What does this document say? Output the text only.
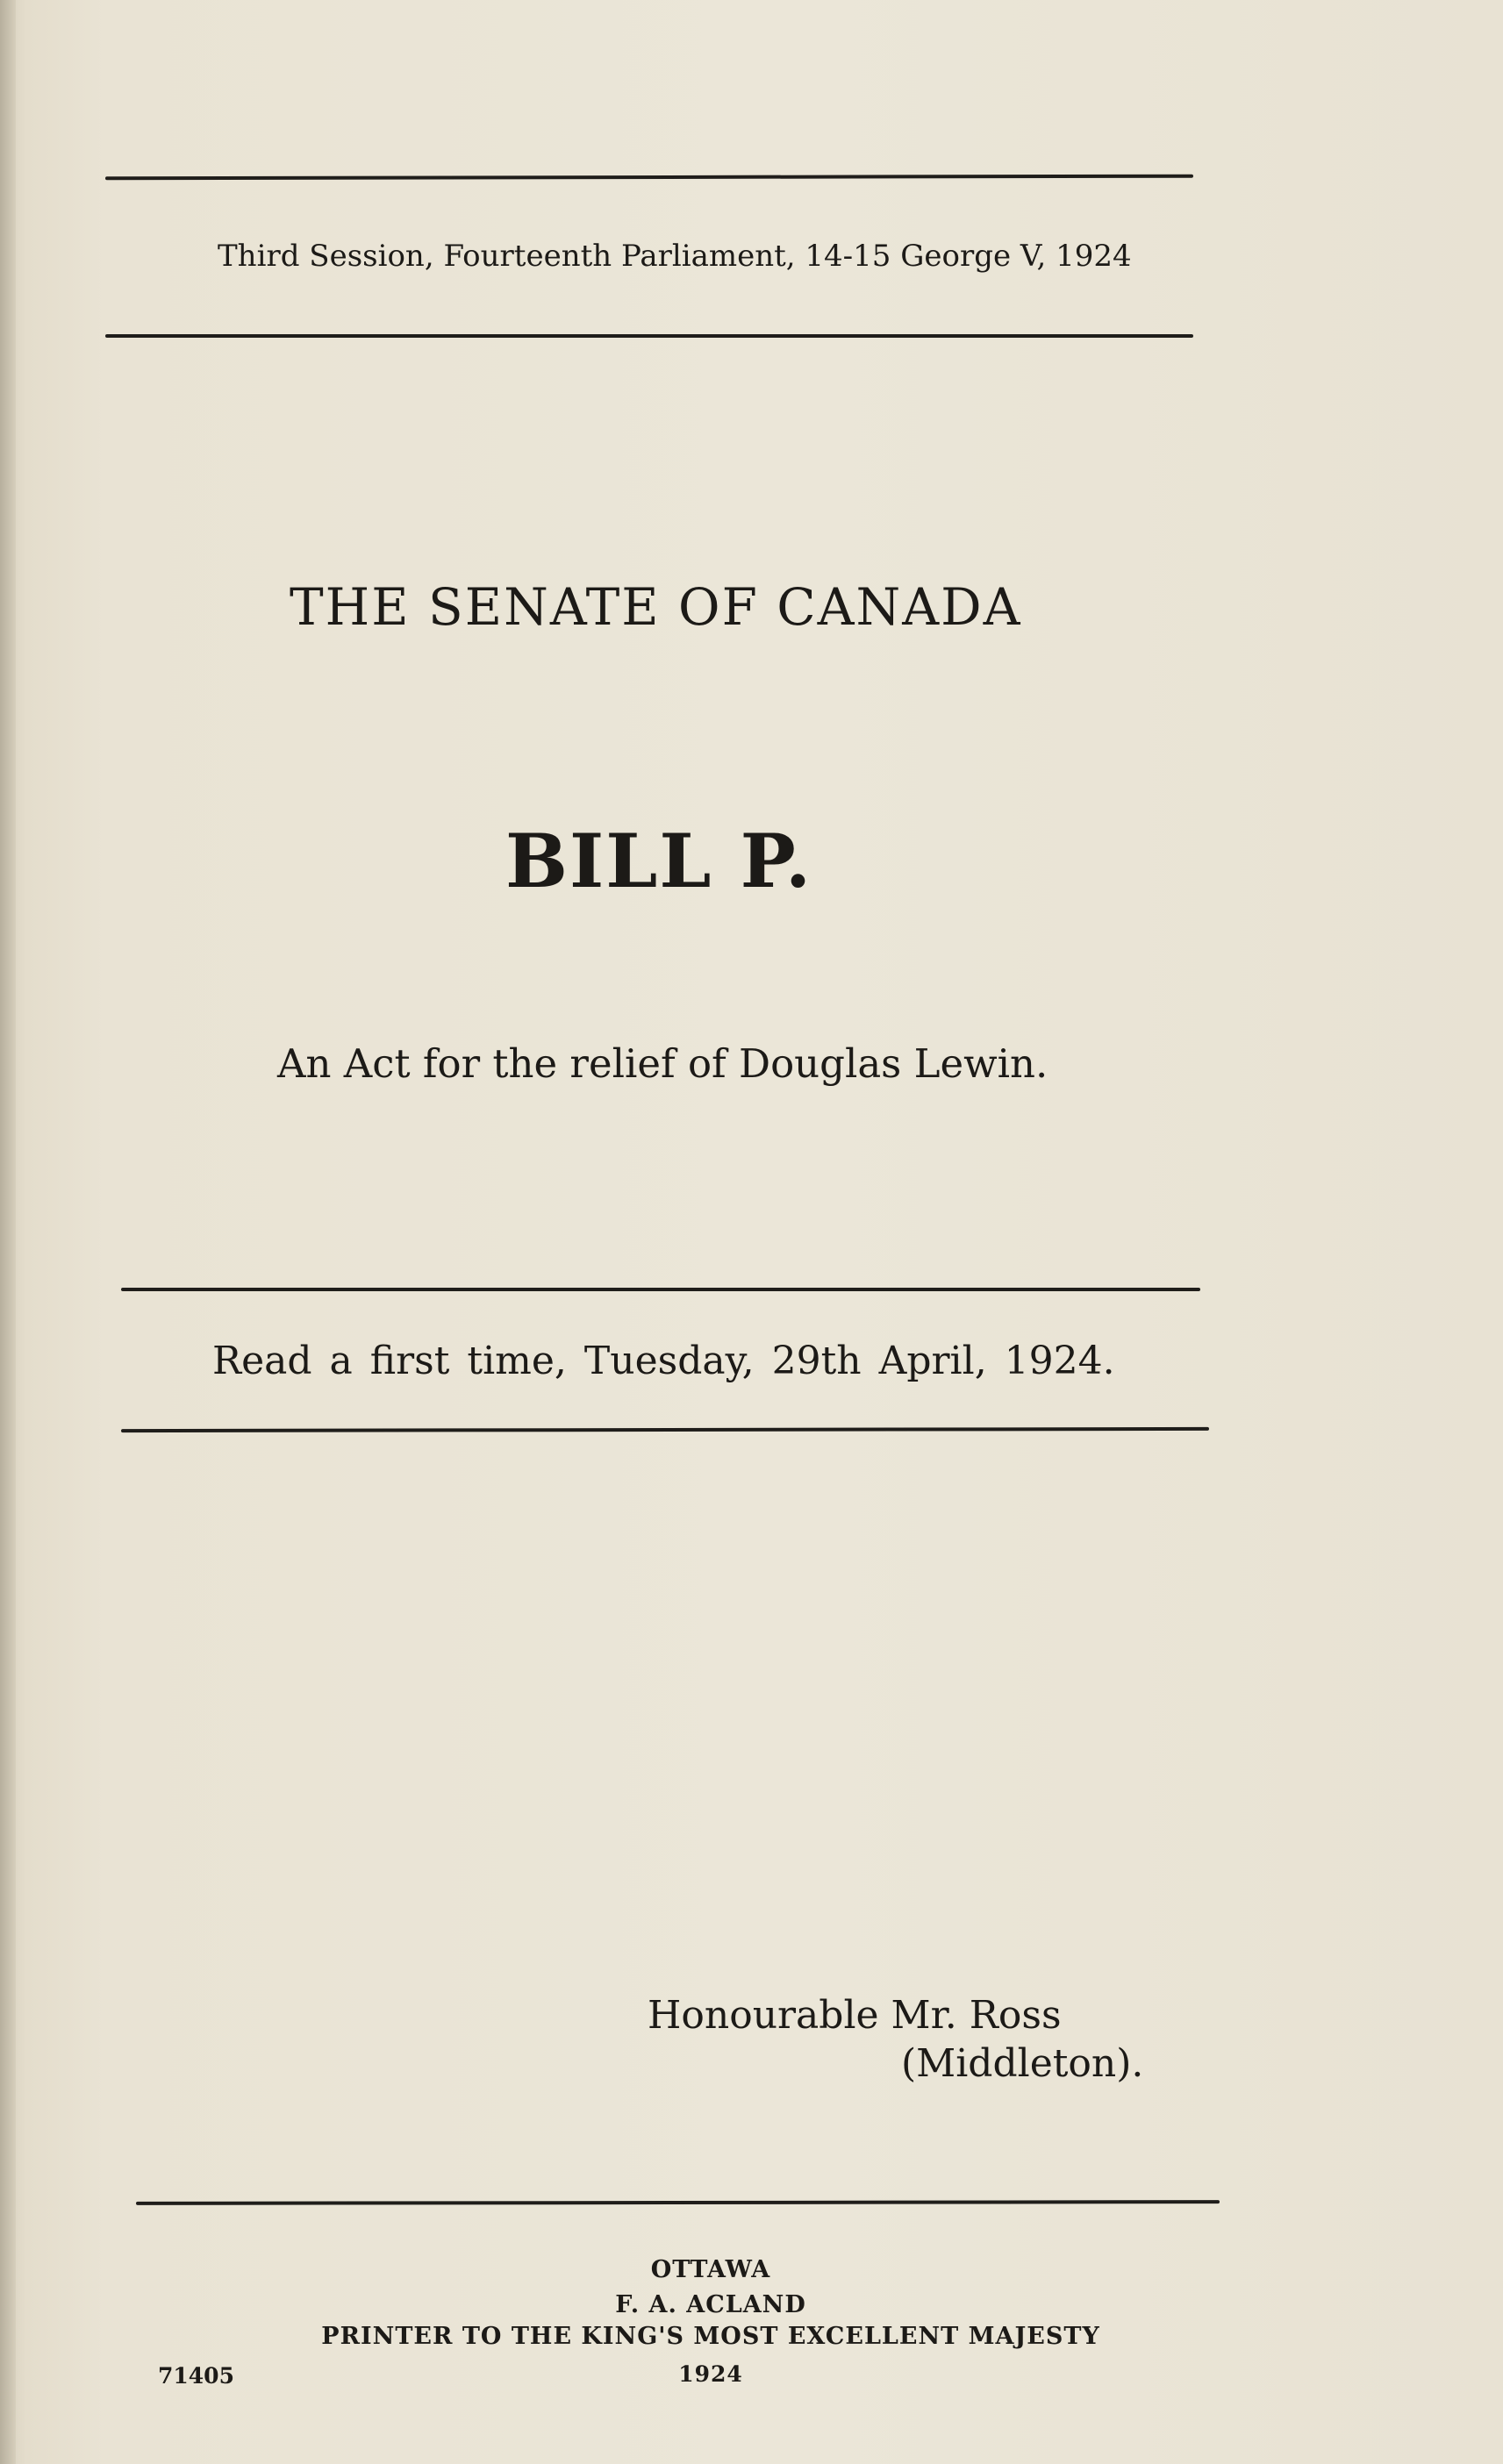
Third Session, Fourteenth Parliament, 14-15 George V, 1924
THE SENATE OF CANADA
BILL P.
An Act for the relief of Douglas Lewin.
Read a first time, Tuesday, 29th April, 1924.
Honourable Mr. Ross
(Middleton).
OTTAWA
F. A. ACLAND
PRINTER TO THE KING'S MOST EXCELLENT MAJESTY
1924
71405
